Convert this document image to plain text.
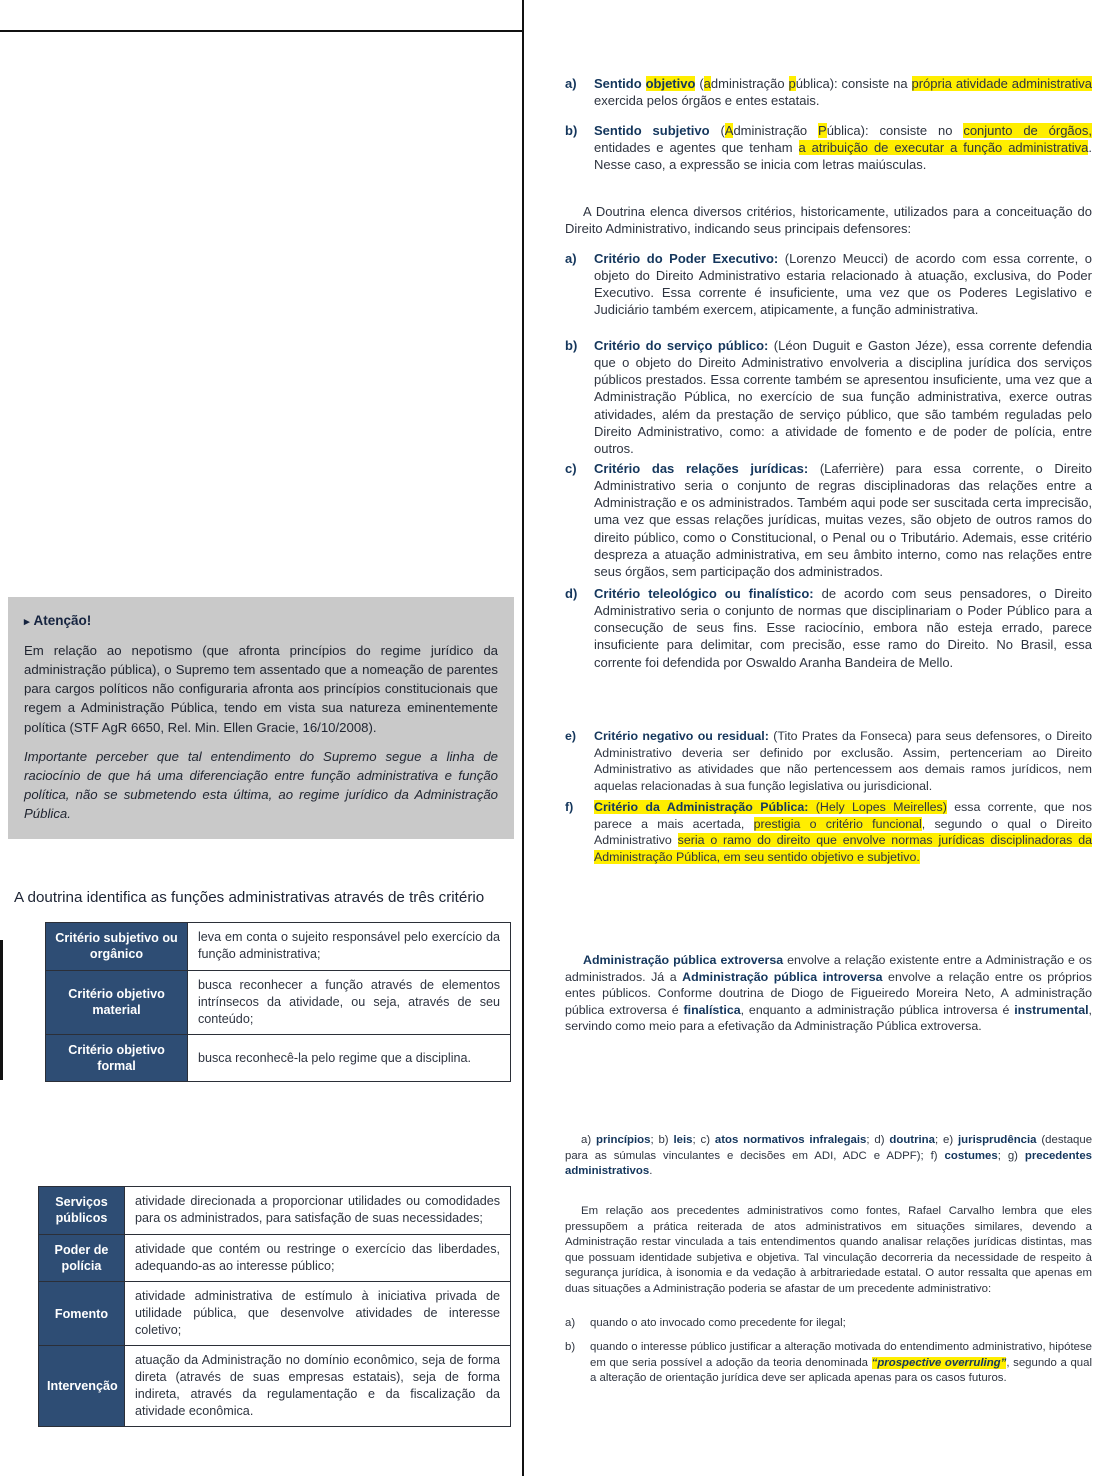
▸ Atenção!

Em relação ao nepotismo (que afronta princípios do regime jurídico da administração pública), o Supremo tem assentado que a nomeação de parentes para cargos políticos não configuraria afronta aos princípios constitucionais que regem a Administração Pública, tendo em vista sua natureza eminentemente política (STF AgR 6650, Rel. Min. Ellen Gracie, 16/10/2008).

Importante perceber que tal entendimento do Supremo segue a linha de raciocínio de que há uma diferenciação entre função administrativa e função política, não se submetendo esta última, ao regime jurídico da Administração Pública.

A doutrina identifica as funções administrativas através de três critério

Critério subjetivo ou orgânico	leva em conta o sujeito responsável pelo exercício da função administrativa;
Critério objetivo material	busca reconhecer a função através de elementos intrínsecos da atividade, ou seja, através de seu conteúdo;
Critério objetivo formal	busca reconhecê-la pelo regime que a disciplina.
Serviços públicos	atividade direcionada a proporcionar utilidades ou comodidades para os administrados, para satisfação de suas necessidades;
Poder de polícia	atividade que contém ou restringe o exercício das liberdades, adequando-as ao interesse público;
Fomento	atividade administrativa de estímulo à iniciativa privada de utilidade pública, que desenvolve atividades de interesse coletivo;
Intervenção	atuação da Administração no domínio econômico, seja de forma direta (através de suas empresas estatais), seja de forma indireta, através da regulamentação e da fiscalização da atividade econômica.
a)	Sentido objetivo (administração pública): consiste na própria atividade administrativa exercida pelos órgãos e entes estatais.
b)	Sentido subjetivo (Administração Pública): consiste no conjunto de órgãos, entidades e agentes que tenham a atribuição de executar a função administrativa. Nesse caso, a expressão se inicia com letras maiúsculas.
A Doutrina elenca diversos critérios, historicamente, utilizados para a conceituação do Direito Administrativo, indicando seus principais defensores:
a)	Critério do Poder Executivo: (Lorenzo Meucci) de acordo com essa corrente, o objeto do Direito Administrativo estaria relacionado à atuação, exclusiva, do Poder Executivo. Essa corrente é insuficiente, uma vez que os Poderes Legislativo e Judiciário também exercem, atipicamente, a função administrativa.
b)	Critério do serviço público: (Léon Duguit e Gaston Jéze), essa corrente defendia que o objeto do Direito Administrativo envolveria a disciplina jurídica dos serviços públicos prestados. Essa corrente também se apresentou insuficiente, uma vez que a Administração Pública, no exercício de sua função administrativa, exerce outras atividades, além da prestação de serviço público, que são também reguladas pelo Direito Administrativo, como: a atividade de fomento e de poder de polícia, entre outros.
c)	Critério das relações jurídicas: (Laferrière) para essa corrente, o Direito Administrativo seria o conjunto de regras disciplinadoras das relações entre a Administração e os administrados. Também aqui pode ser suscitada certa imprecisão, uma vez que essas relações jurídicas, muitas vezes, são objeto de outros ramos do direito público, como o Constitucional, o Penal ou o Tributário. Ademais, esse critério despreza a atuação administrativa, em seu âmbito interno, como nas relações entre seus órgãos, sem participação dos administrados.
d)	Critério teleológico ou finalístico: de acordo com seus pensadores, o Direito Administrativo seria o conjunto de normas que disciplinariam o Poder Público para a consecução de seus fins. Esse raciocínio, embora não esteja errado, parece insuficiente para delimitar, com precisão, esse ramo do Direito. No Brasil, essa corrente foi defendida por Oswaldo Aranha Bandeira de Mello.
e)	Critério negativo ou residual: (Tito Prates da Fonseca) para seus defensores, o Direito Administrativo deveria ser definido por exclusão. Assim, pertenceriam ao Direito Administrativo as atividades que não pertencessem aos demais ramos jurídicos, nem aquelas relacionadas à sua função legislativa ou jurisdicional.
f)	Critério da Administração Pública: (Hely Lopes Meirelles) essa corrente, que nos parece a mais acertada, prestigia o critério funcional, segundo o qual o Direito Administrativo seria o ramo do direito que envolve normas jurídicas disciplinadoras da Administração Pública, em seu sentido objetivo e subjetivo.
Administração pública extroversa envolve a relação existente entre a Administração e os administrados. Já a Administração pública introversa envolve a relação entre os próprios entes públicos. Conforme doutrina de Diogo de Figueiredo Moreira Neto, A administração pública extroversa é finalística, enquanto a administração pública introversa é instrumental, servindo como meio para a efetivação da Administração Pública extroversa.
a) princípios; b) leis; c) atos normativos infralegais; d) doutrina; e) jurisprudência (destaque para as súmulas vinculantes e decisões em ADI, ADC e ADPF); f) costumes; g) precedentes administrativos.
Em relação aos precedentes administrativos como fontes, Rafael Carvalho lembra que eles pressupõem a prática reiterada de atos administrativos em situações similares, devendo a Administração restar vinculada a tais entendimentos quando analisar relações jurídicas distintas, mas que possuam identidade subjetiva e objetiva. Tal vinculação decorreria da necessidade de respeito à segurança jurídica, à isonomia e da vedação à arbitrariedade estatal. O autor ressalta que apenas em duas situações a Administração poderia se afastar de um precedente administrativo:
a)	quando o ato invocado como precedente for ilegal;
b)	quando o interesse público justificar a alteração motivada do entendimento administrativo, hipótese em que seria possível a adoção da teoria denominada “prospective overruling”, segundo a qual a alteração de orientação jurídica deve ser aplicada apenas para os casos futuros.
